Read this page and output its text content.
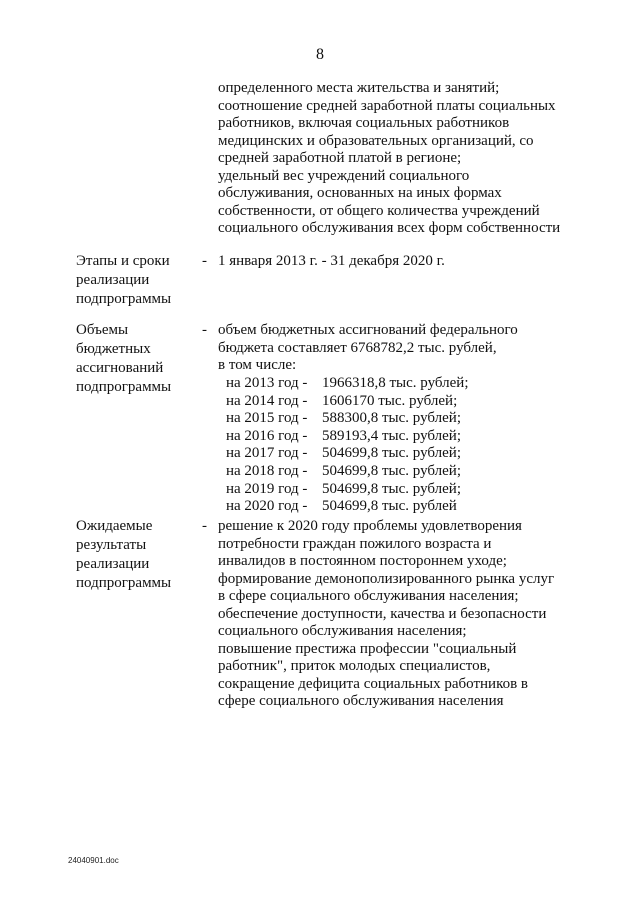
8
определенного места жительства и занятий;
соотношение средней заработной платы социальных
работников, включая социальных работников
медицинских и образовательных организаций, со
средней заработной платой в регионе;
удельный вес учреждений социального
обслуживания, основанных на иных формах
собственности, от общего количества учреждений
социального обслуживания всех форм собственности
Этапы и сроки
реализации
подпрограммы
- 1 января 2013 г. - 31 декабря 2020 г.
Объемы
бюджетных
ассигнований
подпрограммы
- объем бюджетных ассигнований федерального
бюджета составляет 6768782,2 тыс. рублей,
в том числе:
на 2013 год - 1966318,8 тыс. рублей;
на 2014 год - 1606170 тыс. рублей;
на 2015 год - 588300,8 тыс. рублей;
на 2016 год - 589193,4 тыс. рублей;
на 2017 год - 504699,8 тыс. рублей;
на 2018 год - 504699,8 тыс. рублей;
на 2019 год - 504699,8 тыс. рублей;
на 2020 год - 504699,8 тыс. рублей
Ожидаемые
результаты
реализации
подпрограммы
- решение к 2020 году проблемы удовлетворения
потребности граждан пожилого возраста и
инвалидов в постоянном постороннем уходе;
формирование демонополизированного рынка услуг
в сфере социального обслуживания населения;
обеспечение доступности, качества и безопасности
социального обслуживания населения;
повышение престижа профессии "социальный
работник", приток молодых специалистов,
сокращение дефицита социальных работников в
сфере социального обслуживания населения
24040901.doc
